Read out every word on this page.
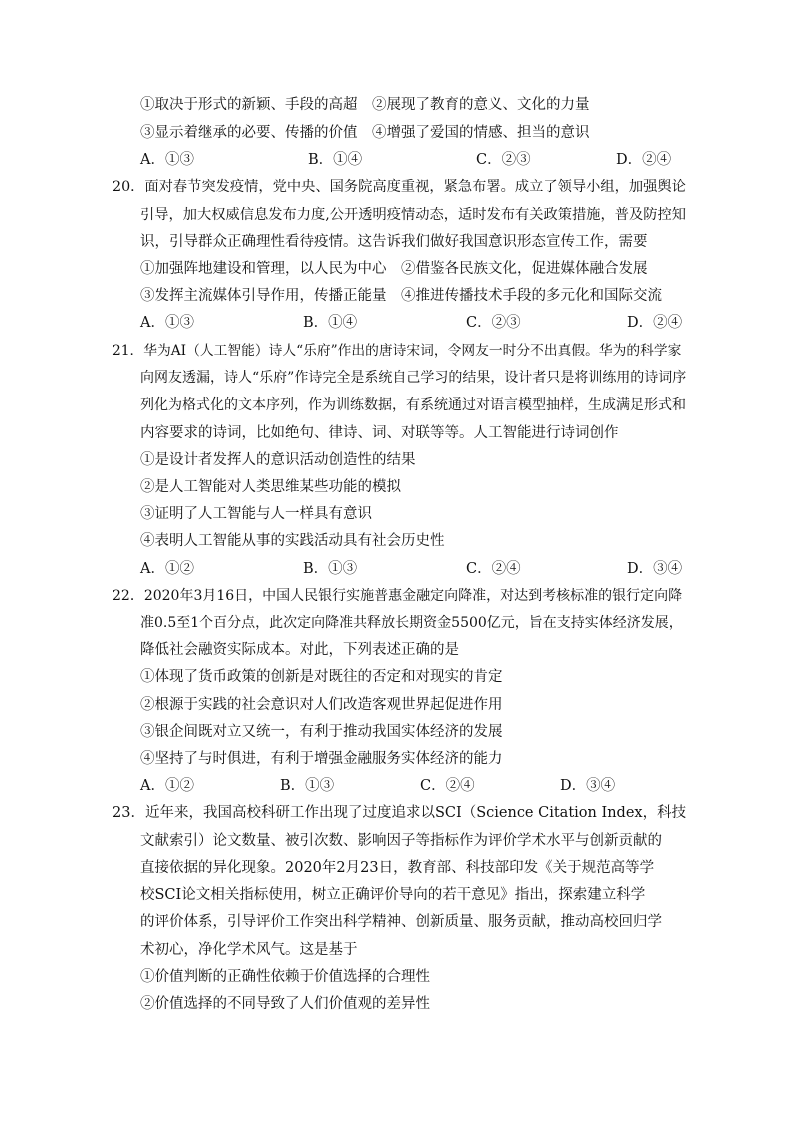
①取决于形式的新颖、手段的高超　②展现了教育的意义、文化的力量
③显示着继承的必要、传播的价值　④增强了爱国的情感、担当的意识
A．①③	B．①④	C．②③	D．②④
20．面对春节突发疫情，党中央、国务院高度重视，紧急布署。成立了领导小组，加强舆论
引导，加大权威信息发布力度,公开透明疫情动态，适时发布有关政策措施，普及防控知
识，引导群众正确理性看待疫情。这告诉我们做好我国意识形态宣传工作，需要
①加强阵地建设和管理，以人民为中心　②借鉴各民族文化，促进媒体融合发展
③发挥主流媒体引导作用，传播正能量　④推进传播技术手段的多元化和国际交流
A．①③	B．①④	C．②③	D．②④
21．华为AI（人工智能）诗人“乐府”作出的唐诗宋词，令网友一时分不出真假。华为的科学家
向网友透漏，诗人“乐府”作诗完全是系统自己学习的结果，设计者只是将训练用的诗词序
列化为格式化的文本序列，作为训练数据，有系统通过对语言模型抽样，生成满足形式和
内容要求的诗词，比如绝句、律诗、词、对联等等。人工智能进行诗词创作
①是设计者发挥人的意识活动创造性的结果
②是人工智能对人类思维某些功能的模拟
③证明了人工智能与人一样具有意识
④表明人工智能从事的实践活动具有社会历史性
A．①②	B．①③	C．②④	D．③④
22．2020年3月16日，中国人民银行实施普惠金融定向降准，对达到考核标准的银行定向降
准0.5至1个百分点，此次定向降准共释放长期资金5500亿元，旨在支持实体经济发展，
降低社会融资实际成本。对此，下列表述正确的是
①体现了货币政策的创新是对既往的否定和对现实的肯定
②根源于实践的社会意识对人们改造客观世界起促进作用
③银企间既对立又统一，有利于推动我国实体经济的发展
④坚持了与时俱进，有利于增强金融服务实体经济的能力
A．①②	B．①③	C．②④	D．③④
23．近年来，我国高校科研工作出现了过度追求以SCI（Science Citation Index，科技
文献索引）论文数量、被引次数、影响因子等指标作为评价学术水平与创新贡献的
直接依据的异化现象。2020年2月23日，教育部、科技部印发《关于规范高等学
校SCI论文相关指标使用，树立正确评价导向的若干意见》指出，探索建立科学
的评价体系，引导评价工作突出科学精神、创新质量、服务贡献，推动高校回归学
术初心，净化学术风气。这是基于
①价值判断的正确性依赖于价值选择的合理性
②价值选择的不同导致了人们价值观的差异性
